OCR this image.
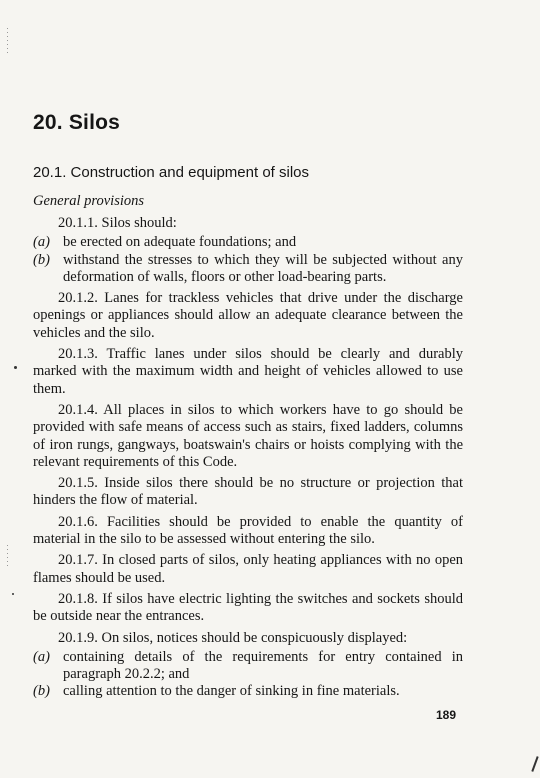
20. Silos
20.1. Construction and equipment of silos

General provisions

20.1.1. Silos should:

(a) be erected on adequate foundations; and

(b) withstand the stresses to which they will be subjected without any deformation of walls, floors or other load-bearing parts.

20.1.2. Lanes for trackless vehicles that drive under the discharge openings or appliances should allow an adequate clearance between the vehicles and the silo.

20.1.3. Traffic lanes under silos should be clearly and durably marked with the maximum width and height of vehicles allowed to use them.

20.1.4. All places in silos to which workers have to go should be provided with safe means of access such as stairs, fixed ladders, columns of iron rungs, gangways, boatswain's chairs or hoists complying with the relevant requirements of this Code.

20.1.5. Inside silos there should be no structure or projection that hinders the flow of material.

20.1.6. Facilities should be provided to enable the quantity of material in the silo to be assessed without entering the silo.

20.1.7. In closed parts of silos, only heating appliances with no open flames should be used.

20.1.8. If silos have electric lighting the switches and sockets should be outside near the entrances.

20.1.9. On silos, notices should be conspicuously displayed:

(a) containing details of the requirements for entry contained in paragraph 20.2.2; and

(b) calling attention to the danger of sinking in fine materials.

189
